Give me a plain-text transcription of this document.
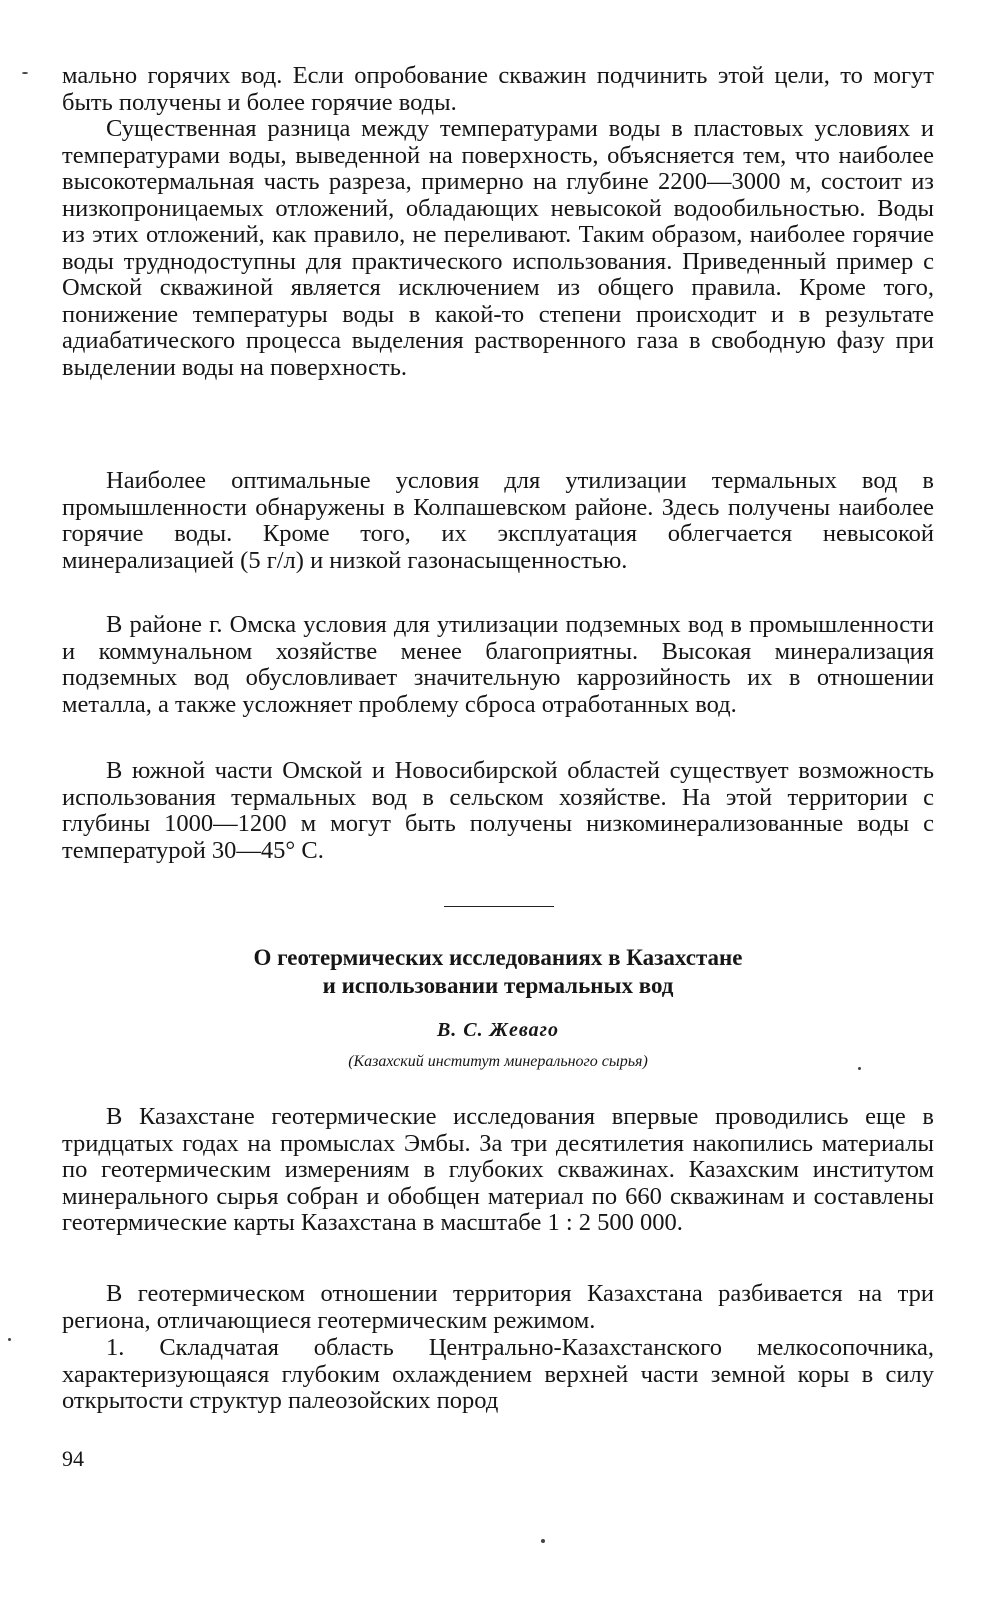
мально горячих вод. Если опробование скважин подчинить этой цели, то могут быть получены и более горячие воды.

Существенная разница между температурами воды в пластовых условиях и температурами воды, выведенной на поверхность, объясняется тем, что наиболее высокотермальная часть разреза, примерно на глубине 2200—3000 м, состоит из низкопроницаемых отложений, обладающих невысокой водообильностью. Воды из этих отложений, как правило, не переливают. Таким образом, наиболее горячие воды труднодоступны для практического использования. Приведенный пример с Омской скважиной является исключением из общего правила. Кроме того, понижение температуры воды в какой-то степени происходит и в результате адиабатического процесса выделения растворенного газа в свободную фазу при выделении воды на поверхность.

Наиболее оптимальные условия для утилизации термальных вод в промышленности обнаружены в Колпашевском районе. Здесь получены наиболее горячие воды. Кроме того, их эксплуатация облегчается невысокой минерализацией (5 г/л) и низкой газонасыщенностью.

В районе г. Омска условия для утилизации подземных вод в промышленности и коммунальном хозяйстве менее благоприятны. Высокая минерализация подземных вод обусловливает значительную каррозийность их в отношении металла, а также усложняет проблему сброса отработанных вод.

В южной части Омской и Новосибирской областей существует возможность использования термальных вод в сельском хозяйстве. На этой территории с глубины 1000—1200 м могут быть получены низкоминерализованные воды с температурой 30—45° С.

О геотермических исследованиях в Казахстане
и использовании термальных вод
В. С. Жеваго
(Казахский институт минерального сырья)

В Казахстане геотермические исследования впервые проводились еще в тридцатых годах на промыслах Эмбы. За три десятилетия накопились материалы по геотермическим измерениям в глубоких скважинах. Казахским институтом минерального сырья собран и обобщен материал по 660 скважинам и составлены геотермические карты Казахстана в масштабе 1 : 2 500 000.

В геотермическом отношении территория Казахстана разбивается на три региона, отличающиеся геотермическим режимом.

1. Складчатая область Центрально-Казахстанского мелкосопочника, характеризующаяся глубоким охлаждением верхней части земной коры в силу открытости структур палеозойских пород

94
